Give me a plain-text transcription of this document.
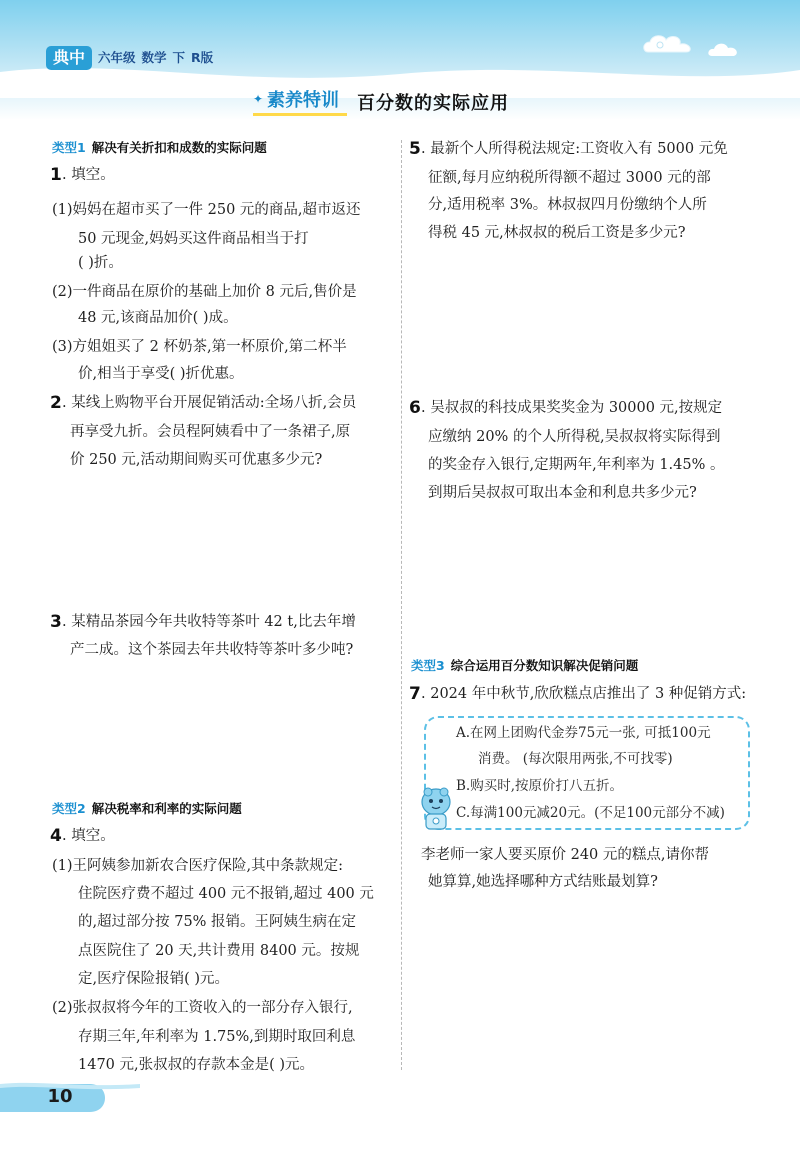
典中	六年级 数学 下 R版
✦ 素养特训	百分数的实际应用
类型1 解决有关折扣和成数的实际问题
1 . 填空。
(1)妈妈在超市买了一件 250 元的商品,超市返还
50 元现金,妈妈买这件商品相当于打
( )折。
(2)一件商品在原价的基础上加价 8 元后,售价是
48 元,该商品加价( )成。
(3)方姐姐买了 2 杯奶茶,第一杯原价,第二杯半
价,相当于享受( )折优惠。
2 . 某线上购物平台开展促销活动:全场八折,会员
再享受九折。会员程阿姨看中了一条裙子,原
价 250 元,活动期间购买可优惠多少元?
3 . 某精品茶园今年共收特等茶叶 42 t,比去年增
产二成。这个茶园去年共收特等茶叶多少吨?
类型2 解决税率和利率的实际问题
4 . 填空。
(1)王阿姨参加新农合医疗保险,其中条款规定:
住院医疗费不超过 400 元不报销,超过 400 元
的,超过部分按 75% 报销。王阿姨生病在定
点医院住了 20 天,共计费用 8400 元。按规
定,医疗保险报销( )元。
(2)张叔叔将今年的工资收入的一部分存入银行,
存期三年,年利率为 1.75%,到期时取回利息
1470 元,张叔叔的存款本金是( )元。
5 . 最新个人所得税法规定:工资收入有 5000 元免
征额,每月应纳税所得额不超过 3000 元的部
分,适用税率 3%。林叔叔四月份缴纳个人所
得税 45 元,林叔叔的税后工资是多少元?
6 . 吴叔叔的科技成果奖奖金为 30000 元,按规定
应缴纳 20% 的个人所得税,吴叔叔将实际得到
的奖金存入银行,定期两年,年利率为 1.45% 。
到期后吴叔叔可取出本金和利息共多少元?
类型3 综合运用百分数知识解决促销问题
7 . 2024 年中秋节,欣欣糕点店推出了 3 种促销方式:
A.在网上团购代金券75元一张, 可抵100元
消费。 (每次限用两张,不可找零)
B.购买时,按原价打八五折。
C.每满100元减20元。(不足100元部分不减)
李老师一家人要买原价 240 元的糕点,请你帮
她算算,她选择哪种方式结账最划算?
10
